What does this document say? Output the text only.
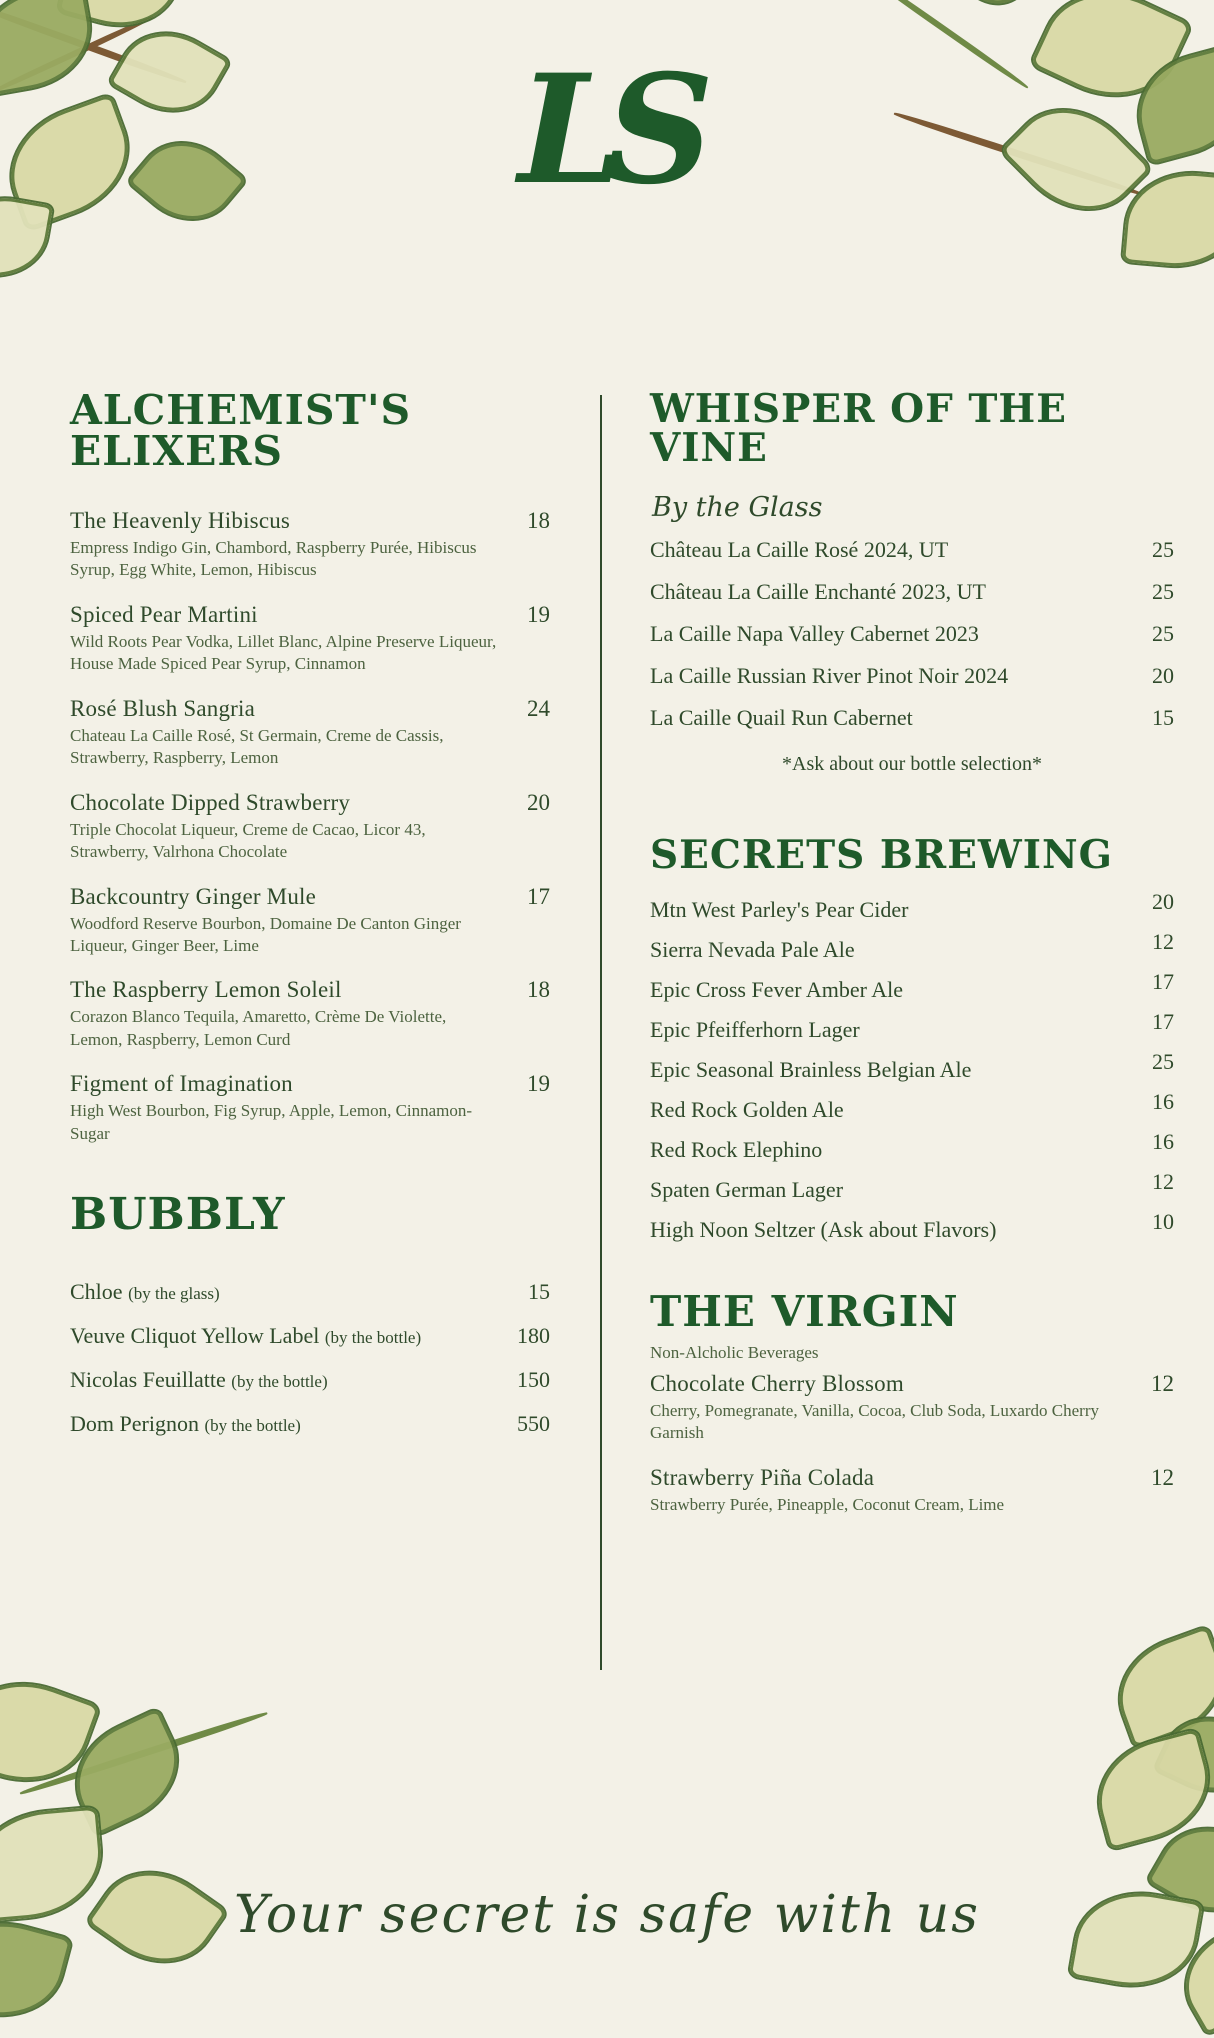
LS
ALCHEMIST'S ELIXERS
The Heavenly Hibiscus	18
Empress Indigo Gin, Chambord, Raspberry Purée, Hibiscus Syrup, Egg White, Lemon, Hibiscus
Spiced Pear Martini	19
Wild Roots Pear Vodka, Lillet Blanc, Alpine Preserve Liqueur, House Made Spiced Pear Syrup, Cinnamon
Rosé Blush Sangria	24
Chateau La Caille Rosé, St Germain, Creme de Cassis, Strawberry, Raspberry, Lemon
Chocolate Dipped Strawberry	20
Triple Chocolat Liqueur, Creme de Cacao, Licor 43, Strawberry, Valrhona Chocolate
Backcountry Ginger Mule	17
Woodford Reserve Bourbon, Domaine De Canton Ginger Liqueur, Ginger Beer, Lime
The Raspberry Lemon Soleil	18
Corazon Blanco Tequila, Amaretto, Crème De Violette, Lemon, Raspberry, Lemon Curd
Figment of Imagination	19
High West Bourbon, Fig Syrup, Apple, Lemon, Cinnamon-Sugar
BUBBLY
Chloe (by the glass)	15
Veuve Cliquot Yellow Label (by the bottle)	180
Nicolas Feuillatte (by the bottle)	150
Dom Perignon (by the bottle)	550
WHISPER OF THE VINE
By the Glass
Château La Caille Rosé 2024, UT	25
Château La Caille Enchanté 2023, UT	25
La Caille Napa Valley Cabernet 2023	25
La Caille Russian River Pinot Noir 2024	20
La Caille Quail Run Cabernet	15

*Ask about our bottle selection*

SECRETS BREWING
Mtn West Parley's Pear Cider	20
Sierra Nevada Pale Ale	12
Epic Cross Fever Amber Ale	17
Epic Pfeifferhorn Lager	17
Epic Seasonal Brainless Belgian Ale	25
Red Rock Golden Ale	16
Red Rock Elephino	16
Spaten German Lager	12
High Noon Seltzer (Ask about Flavors)	10
THE VIRGIN

Non-Alcholic Beverages

Chocolate Cherry Blossom	12
Cherry, Pomegranate, Vanilla, Cocoa, Club Soda, Luxardo Cherry Garnish
Strawberry Piña Colada	12
Strawberry Purée, Pineapple, Coconut Cream, Lime
Your secret is safe with us
